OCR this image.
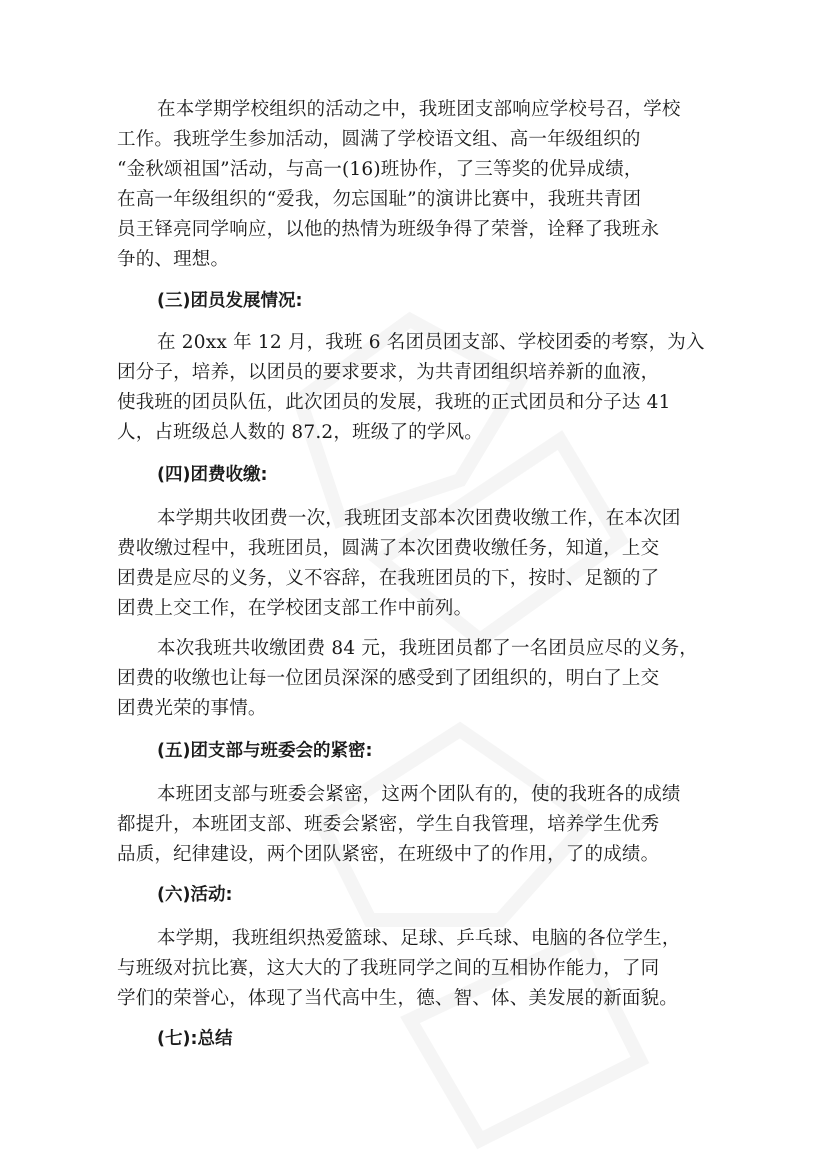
在本学期学校组织的活动之中，我班团支部响应学校号召，学校
工作。我班学生参加活动，圆满了学校语文组、高一年级组织的
“金秋颂祖国”活动，与高一(16)班协作，了三等奖的优异成绩，
在高一年级组织的“爱我，勿忘国耻”的演讲比赛中，我班共青团
员王铎亮同学响应，以他的热情为班级争得了荣誉，诠释了我班永
争的、理想。
(三)团员发展情况:
在 20xx 年 12 月，我班 6 名团员团支部、学校团委的考察，为入
团分子，培养，以团员的要求要求，为共青团组织培养新的血液，
使我班的团员队伍，此次团员的发展，我班的正式团员和分子达 41
人，占班级总人数的 87.2，班级了的学风。
(四)团费收缴:
本学期共收团费一次，我班团支部本次团费收缴工作，在本次团
费收缴过程中，我班团员，圆满了本次团费收缴任务，知道，上交
团费是应尽的义务，义不容辞，在我班团员的下，按时、足额的了
团费上交工作，在学校团支部工作中前列。
本次我班共收缴团费 84 元，我班团员都了一名团员应尽的义务，
团费的收缴也让每一位团员深深的感受到了团组织的，明白了上交
团费光荣的事情。
(五)团支部与班委会的紧密:
本班团支部与班委会紧密，这两个团队有的，使的我班各的成绩
都提升，本班团支部、班委会紧密，学生自我管理，培养学生优秀
品质，纪律建设，两个团队紧密，在班级中了的作用，了的成绩。
(六)活动:
本学期，我班组织热爱篮球、足球、乒乓球、电脑的各位学生，
与班级对抗比赛，这大大的了我班同学之间的互相协作能力，了同
学们的荣誉心，体现了当代高中生，德、智、体、美发展的新面貌。
(七):总结
